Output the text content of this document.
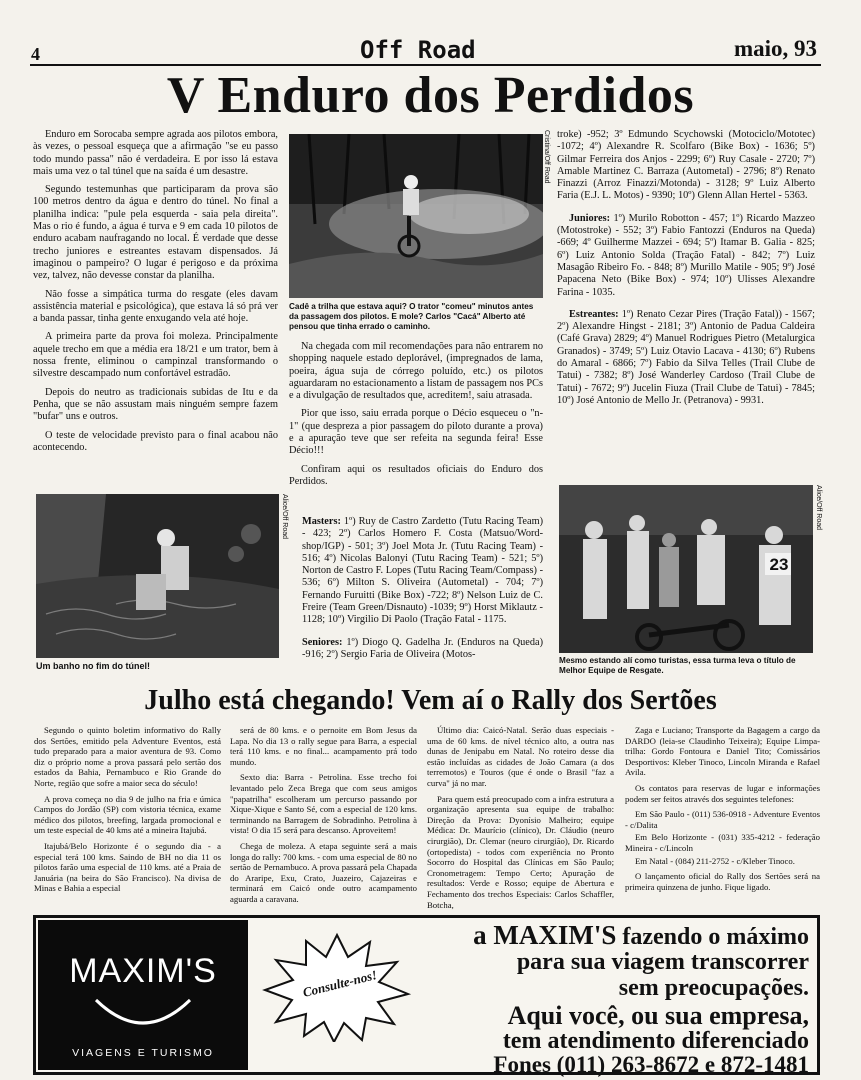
4	Off Road	maio, 93
V Enduro dos Perdidos

Enduro em Sorocaba sempre agrada aos pilotos embora, às vezes, o pessoal esqueça que a afirmação "se eu passo todo mundo passa" não é verdadeira. E por isso lá estava mais uma vez o tal túnel que na saída é um desastre.

Segundo testemunhas que participaram da prova são 100 metros dentro da água e dentro do túnel. No final a planilha indica: "pule pela esquerda - saia pela direita". Mas o rio é fundo, a água é turva e 9 em cada 10 pilotos de enduro acabam naufragando no local. É verdade que desse trecho juniores e estreantes estavam dispensados. Já imaginou o pampeiro? O lugar é perigoso e da próxima vez, talvez, não devesse constar da planilha.

Não fosse a simpática turma do resgate (eles davam assistência material e psicológica), que estava lá só prá ver a banda passar, tinha gente enxugando vela até hoje.

A primeira parte da prova foi moleza. Principalmente aquele trecho em que a média era 18/21 e um trator, bem à nossa frente, eliminou o campinzal transformando o silvestre descampado num confortável estradão.

Depois do neutro as tradicionais subidas de Itu e da Penha, que se não assustam mais ninguém sempre fazem "bufar" uns e outros.

O teste de velocidade previsto para o final acabou não acontecendo.

Cristina/Off Road
Cadê a trilha que estava aqui? O trator "comeu" minutos antes da passagem dos pilotos. E mole? Carlos "Cacá" Alberto até pensou que tinha errado o caminho.

Na chegada com mil recomendações para não entrarem no shopping naquele estado deplorável, (impregnados de lama, poeira, água suja de córrego poluído, etc.) os pilotos aguardaram no estacionamento a listam de passagem nos PCs e a divulgação de resultados que, acreditem!, saiu atrasada.

Pior que isso, saiu errada porque o Décio esqueceu o "n-1" (que despreza a pior passagem do piloto durante a prova) e a apuração teve que ser refeita na segunda feira! Esse Décio!!!

Confiram aqui os resultados oficiais do Enduro dos Perdidos.

Alice/Off Road
Um banho no fim do túnel!

Masters: 1º) Ruy de Castro Zardetto (Tutu Racing Team) - 423; 2º) Carlos Homero F. Costa (Matsuo/Word-shop/IGP) - 501; 3º) Joel Mota Jr. (Tutu Racing Team) - 516; 4º) Nicolas Balonyi (Tutu Racing Team) - 521; 5º) Norton de Castro F. Lopes (Tutu Racing Team/Compass) - 536; 6º) Milton S. Oliveira (Autometal) - 704; 7º) Fernando Furuitti (Bike Box) -722; 8º) Nelson Luiz de C. Freire (Team Green/Disnauto) -1039; 9º) Horst Miklautz - 1128; 10º) Virgilio Di Paolo (Tração Fatal - 1175.

Seniores: 1º) Diogo Q. Gadelha Jr. (Enduros na Queda) -916; 2º) Sergio Faria de Oliveira (Motos-

troke) -952; 3º Edmundo Scychowski (Motociclo/Mototec) -1072; 4º) Alexandre R. Scolfaro (Bike Box) - 1636; 5º) Gilmar Ferreira dos Anjos - 2299; 6º) Ruy Casale - 2720; 7º) Amable Martinez C. Barraza (Autometal) - 2796; 8º) Renato Finazzi (Arroz Finazzi/Motonda) - 3128; 9º Luiz Alberto Faria (E.J. L. Motos) - 9390; 10º) Glenn Allan Hertel - 5363.

Juniores: 1º) Murilo Robotton - 457; 1º) Ricardo Mazzeo (Motostroke) - 552; 3º) Fabio Fantozzi (Enduros na Queda) -669; 4º Guilherme Mazzei - 694; 5º) Itamar B. Galia - 825; 6º) Luiz Antonio Solda (Tração Fatal) - 842; 7º) Luiz Masagão Ribeiro Fo. - 848; 8º) Murillo Matile - 905; 9º) José Papacena Neto (Bike Box) - 974; 10º) Ulisses Alexandre Farina - 1035.

Estreantes: 1º) Renato Cezar Pires (Tração Fatal)) - 1567; 2º) Alexandre Hingst - 2181; 3º) Antonio de Padua Caldeira (Café Grava) 2829; 4º) Manuel Rodrigues Pietro (Metalurgica Granados) - 3749; 5º) Luiz Otavio Lacava - 4130; 6º) Rubens do Amaral - 6866; 7º) Fabio da Silva Telles (Trail Clube de Tatui) - 7382; 8º) José Wanderley Cardoso (Trail Clube de Tatui) - 7672; 9º) Jucelin Fiuza (Trail Clube de Tatui) - 7845; 10º) José Antonio de Mello Jr. (Petranova) - 9931.

23
Alice/Off Road
Mesmo estando alí como turistas, essa turma leva o título de Melhor Equipe de Resgate.
Julho está chegando! Vem aí o Rally dos Sertões

Segundo o quinto boletim informativo do Rally dos Sertões, emitido pela Adventure Eventos, está tudo preparado para a maior aventura de 93. Como diz o próprio nome a prova passará pelo sertão dos estados da Bahia, Pernambuco e Rio Grande do Norte, região que sofre a maior seca do século!

A prova começa no dia 9 de julho na fria e úmica Campos do Jordão (SP) com vistoria técnica, exame médico dos pilotos, breefing, largada promocional e um teste especial de 40 kms até a mineira Itajubá.

Itajubá/Belo Horizonte é o segundo dia - a especial terá 100 kms. Saindo de BH no dia 11 os pilotos farão uma especial de 110 kms. até a Praia de Januária (na beira do São Francisco). Na divisa de Minas e Bahia a especial

será de 80 kms. e o pernoite em Bom Jesus da Lapa. No dia 13 o rally segue para Barra, a especial terá 110 kms. e no final... acampamento prá todo mundo.

Sexto dia: Barra - Petrolina. Esse trecho foi levantado pelo Zeca Brega que com seus amigos "papatrilha" escolheram um percurso passando por Xique-Xique e Santo Sé, com a especial de 120 kms. terminando na Barragem de Sobradinho. Petrolina à vista! O dia 15 será para descanso. Aproveitem!

Chega de moleza. A etapa seguinte será a mais longa do rally: 700 kms. - com uma especial de 80 no sertão de Pernambuco. A prova passará pela Chapada do Araripe, Exu, Crato, Juazeiro, Cajazeiras e terminará em Caicó onde outro acampamento aguarda a caravana.

Último dia: Caicó-Natal. Serão duas especiais - uma de 60 kms. de nível técnico alto, a outra nas dunas de Jenipabu em Natal. No roteiro desse dia estão incluídas as cidades de João Camara (a dos terremotos) e Touros (que é onde o Brasil "faz a curva" já no mar.

Para quem está preocupado com a infra estrutura a organização apresenta sua equipe de trabalho: Direção da Prova: Dyonísio Malheiro; equipe Médica: Dr. Maurício (clínico), Dr. Cláudio (neuro cirurgião), Dr. Clemar (neuro cirurgião), Dr. Ricardo (ortopedista) - todos com experiência no Pronto Socorro do Hospital das Clínicas em São Paulo; Cronometragem: Tempo Certo; Apuração de resultados: Verde e Rosso; equipe de Abertura e Fechamento dos trechos Especiais: Carlos Schaffler, Botcha,

Zaga e Luciano; Transporte da Bagagem a cargo da DARDO (leia-se Claudinho Teixeira); Equipe Limpa-trilha: Gordo Fontoura e Daniel Tito; Comissários Desportivos: Kleber Tinoco, Lincoln Miranda e Rafael Avila.

Os contatos para reservas de lugar e informações podem ser feitos através dos seguintes telefones:

Em São Paulo - (011) 536-0918 - Adventure Eventos - c/Dalita

Em Belo Horizonte - (031) 335-4212 - federação Mineira - c/Lincoln

Em Natal - (084) 211-2752 - c/Kleber Tinoco.

O lançamento oficial do Rally dos Sertões será na primeira quinzena de junho. Fique ligado.

MAXIM'S
VIAGENS E TURISMO
Consulte-nos!
a MAXIM'S fazendo o máximo
para sua viagem transcorrer
sem preocupações.
Aqui você, ou sua empresa,
tem atendimento diferenciado
Fones (011) 263-8672 e 872-1481
